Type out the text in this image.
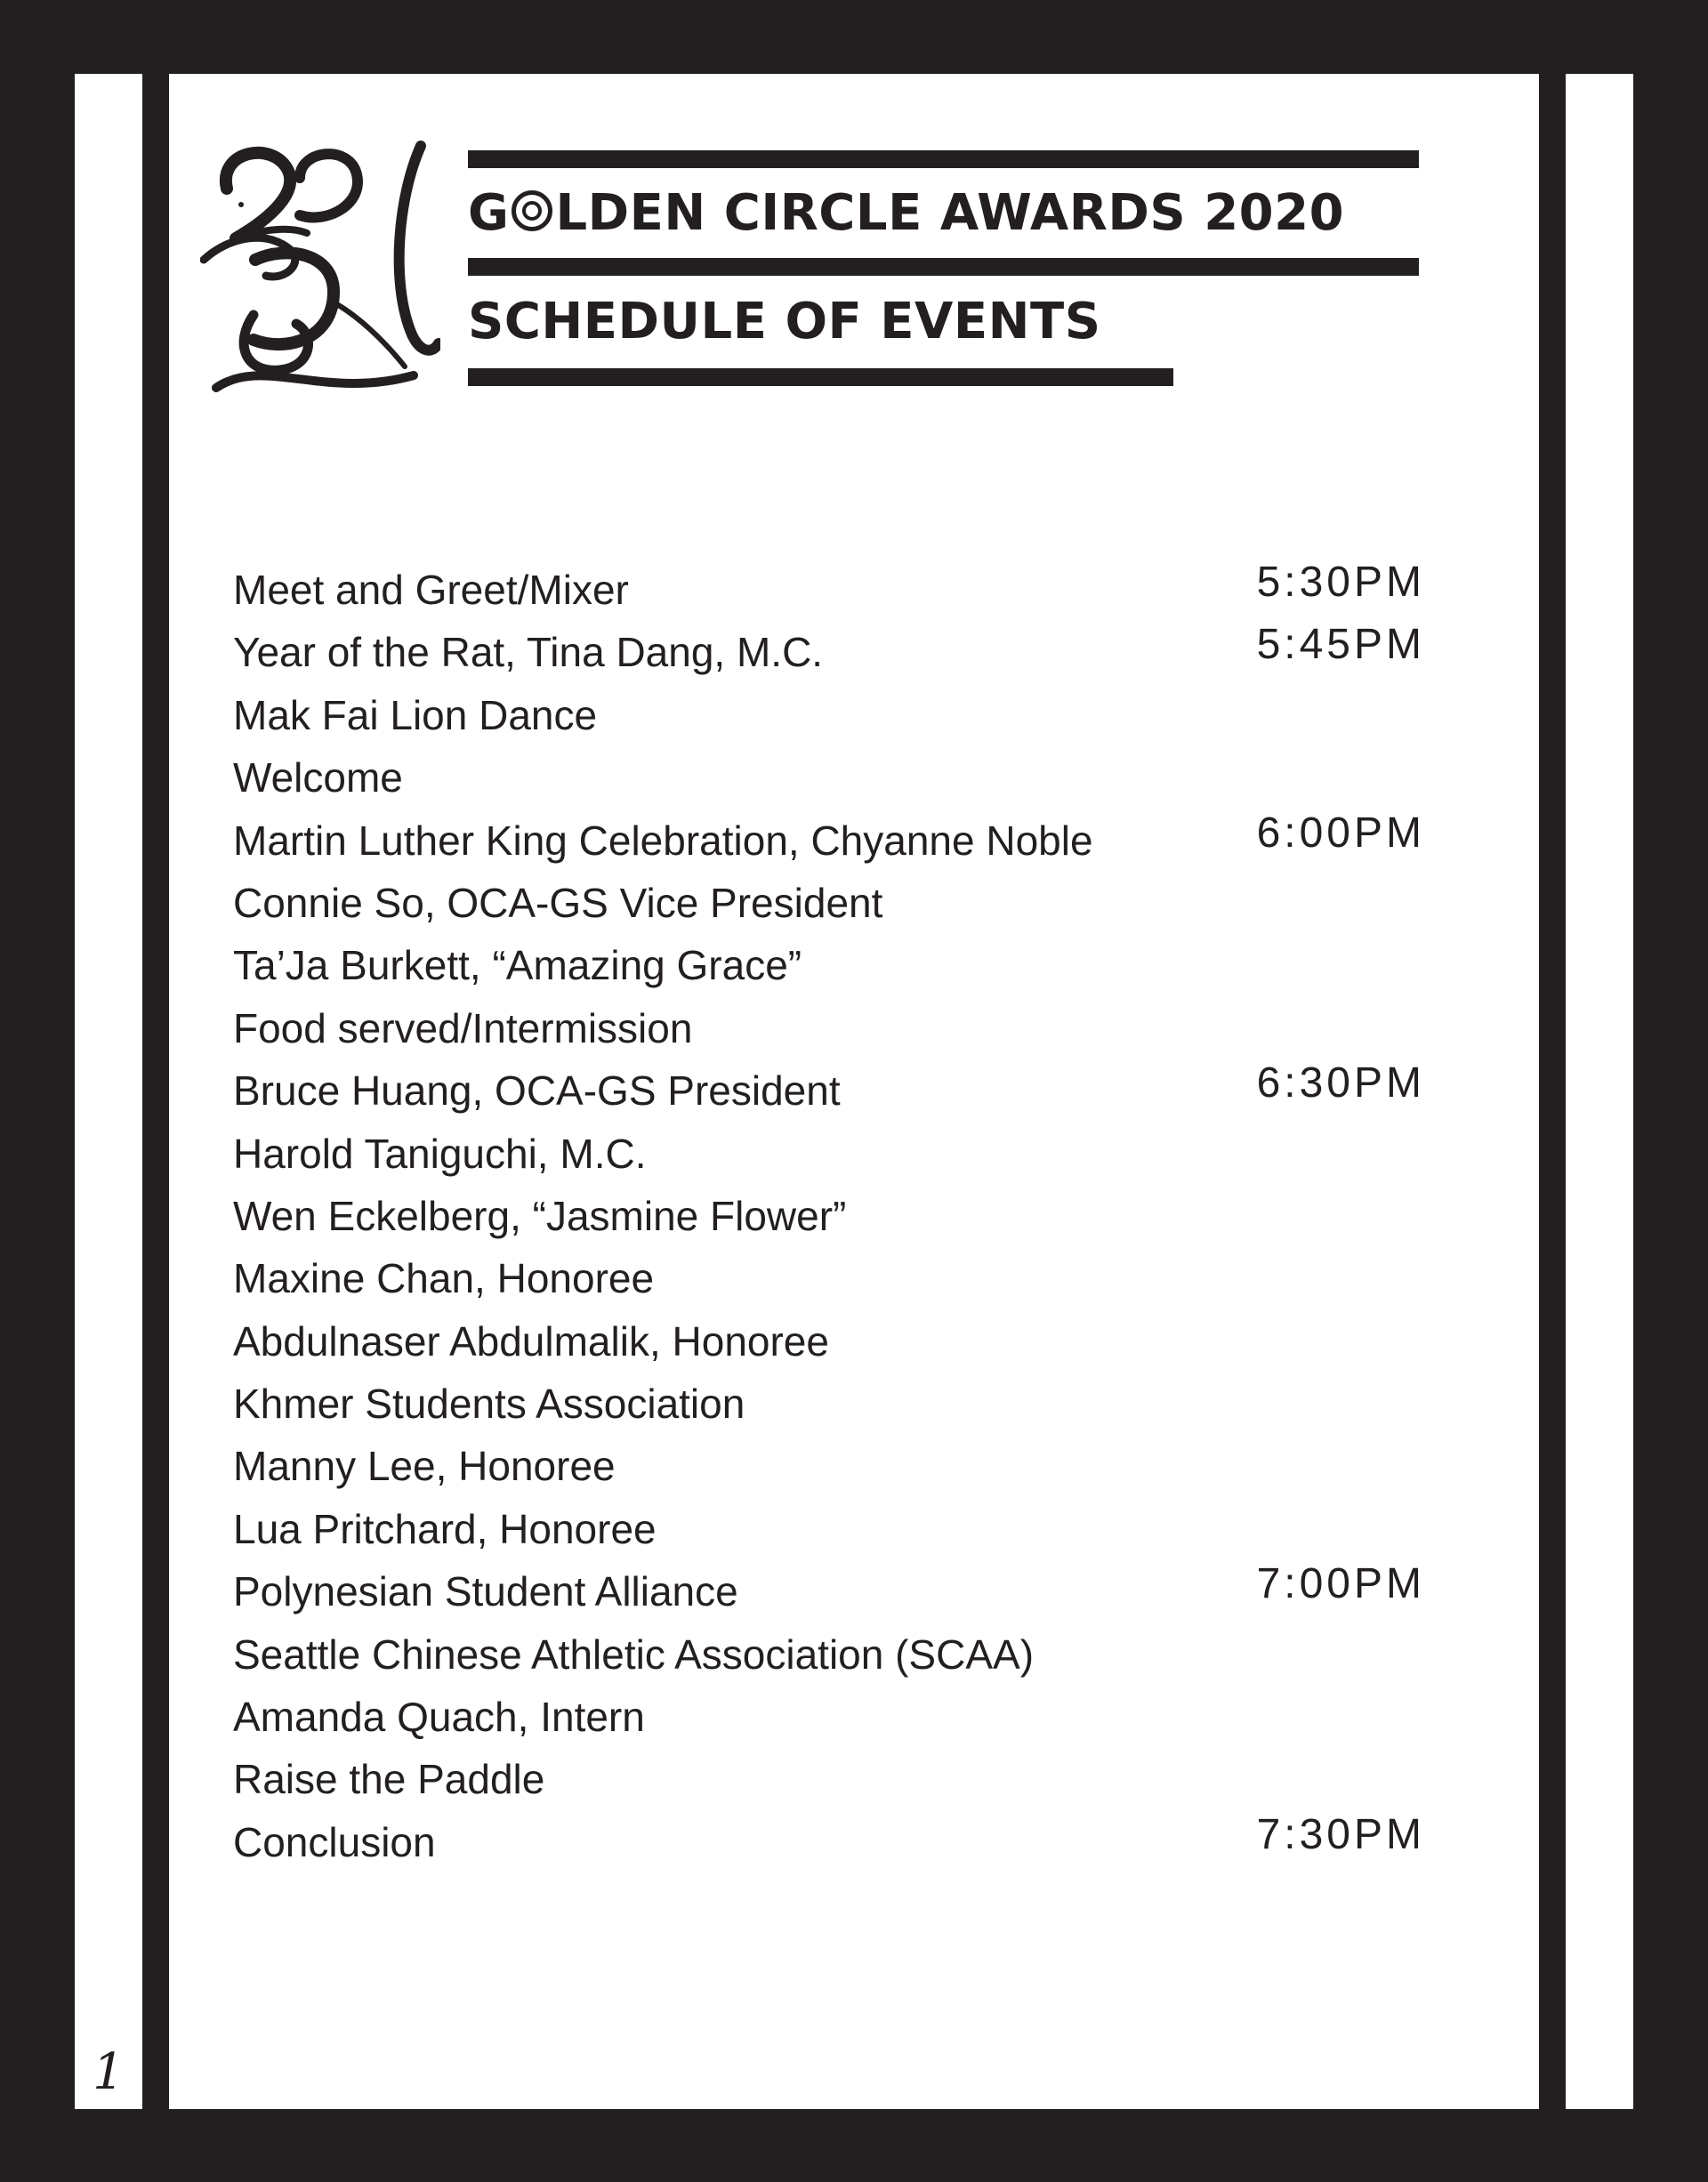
G LDEN CIRCLE AWARDS 2020
SCHEDULE OF EVENTS
Meet and Greet/Mixer	5:30PM
Year of the Rat, Tina Dang, M.C.	5:45PM
Mak Fai Lion Dance
Welcome
Martin Luther King Celebration, Chyanne Noble	6:00PM
Connie So, OCA-GS Vice President
Ta’Ja Burkett, “Amazing Grace”
Food served/Intermission
Bruce Huang, OCA-GS President	6:30PM
Harold Taniguchi, M.C.
Wen Eckelberg, “Jasmine Flower”
Maxine Chan, Honoree
Abdulnaser Abdulmalik, Honoree
Khmer Students Association
Manny Lee, Honoree
Lua Pritchard, Honoree
Polynesian Student Alliance	7:00PM
Seattle Chinese Athletic Association (SCAA)
Amanda Quach, Intern
Raise the Paddle
Conclusion	7:30PM
1
